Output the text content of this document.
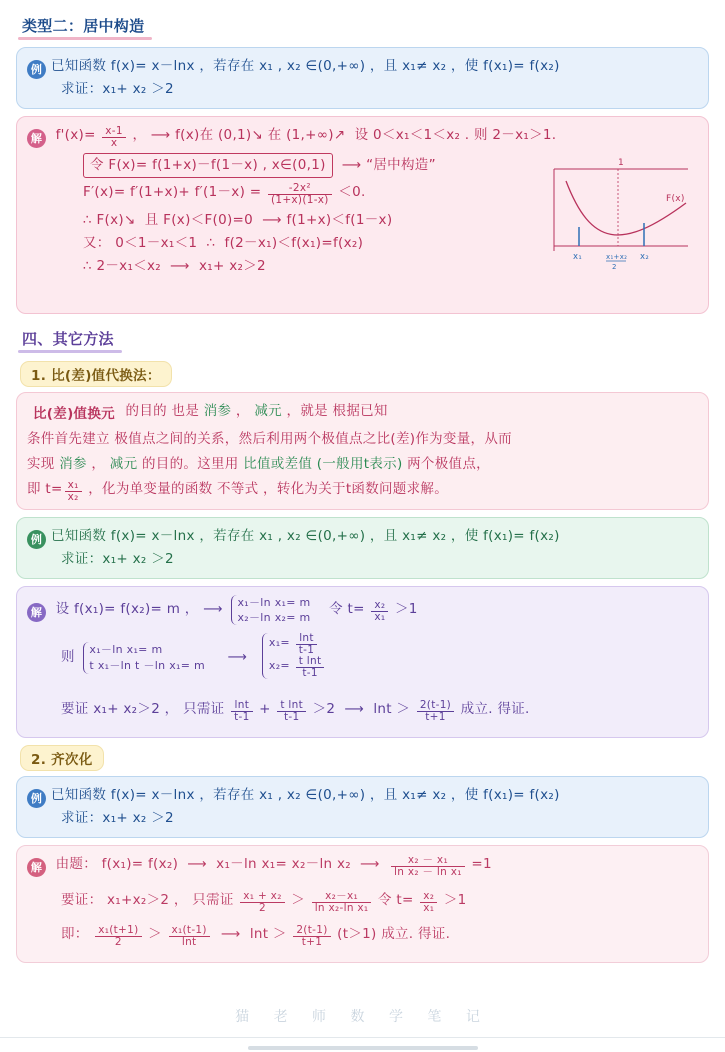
类型二：居中构造
例 已知函数 f(x)= x－lnx ，若存在 x₁ , x₂ ∈(0,+∞) ，且 x₁≠ x₂ ，使 f(x₁)= f(x₂)
求证：x₁+ x₂ ＞2
解 $f'(x)= \frac{x-1}{x}$ ， ⟶ f(x)在 (0,1)↘ 在 (1,+∞)↗  设 0＜x₁＜1＜x₂ . 则 2－x₁＞1.
令 F(x)= f(1+x)－f(1－x) , x∈(0,1)  ⟶ “居中构造”
$F'(x)= f'(1+x)+ f'(1-x) = \frac{\text{-2x²}}{(1+x)(1-x)} <0$.
∴ F(x)↘  且 F(x)＜F(0)=0  ⟶ f(1+x)＜f(1－x)
又： 0＜1－x₁＜1  ∴  f(2－x₁)＜f(x₁)=f(x₂)
∴ 2－x₁＜x₂  ⟶  x₁+ x₂＞2
1
F(x)
x₁	x₁+x₂
2
x₂
四、其它方法
1. 比(差)值代换法：
比(差)值换元 的目的 也是 消参 ， 减元 ，就是 根据已知
条件首先建立 极值点之间的关系，然后利用两个极值点之比(差)作为变量，从而
实现 消参 ， 减元 的目的。这里用 比值或差值 (一般用t表示) 两个极值点，
即 $t= \frac{\text{x₁}}{\text{x₂}}$ ，化为单变量的函数 不等式 ，转化为关于t函数问题求解。
例 已知函数 f(x)= x－lnx ，若存在 x₁ , x₂ ∈(0,+∞) ，且 x₁≠ x₂ ，使 f(x₁)= f(x₂)
求证：x₁+ x₂ ＞2
解 设 f(x₁)= f(x₂)= m ， ⟶ x₁－ln x₁= m
x₂－ln x₂= m 令 $t= \frac{\text{x₂}}{\text{x₁}} >1$
则 x₁－ln x₁= m
t x₁－ln t －ln x₁= m ⟶ $x_1= \frac{\ln t}{t-1}$

$x_2= \frac{\text{t lnt}}{t-1}$
要证 x₁+ x₂＞2 ， 只需证 $\frac{\ln t}{t-1} + \frac{\text{t lnt}}{t-1} >2$  ⟶  $\ln t > \frac{2(t-1)}{t+1}$ 成立. 得证.
2. 齐次化
例 已知函数 f(x)= x－lnx ，若存在 x₁ , x₂ ∈(0,+∞) ，且 x₁≠ x₂ ，使 f(x₁)= f(x₂)
求证：x₁+ x₂ ＞2
解 由题： f(x₁)= f(x₂)  ⟶  x₁－ln x₁= x₂－ln x₂  ⟶ $\frac{\text{x₂ － x₁}}{\text{ln x₂ － ln x₁}} =1$
要证： x₁+x₂＞2 ， 只需证 $\frac{\text{x₁ + x₂}}{2} > \frac{\text{x₂－x₁}}{\text{ln x₂-ln x₁}}$ 令 $t= \frac{\text{x₂}}{\text{x₁}} >1$
即： $\frac{\text{x₁(t+1)}}{2} > \frac{\text{x₁(t-1)}}{\ln t}$ ⟶  $\ln t > \frac{2(t-1)}{t+1} (t>1)$ 成立. 得证.
猫 老 师 数 学 笔 记
